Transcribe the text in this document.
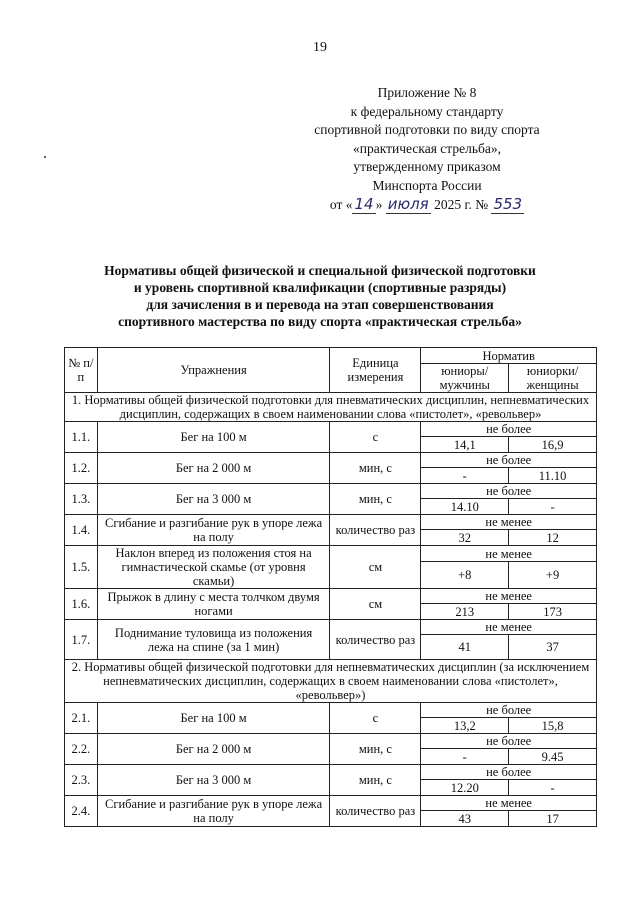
19
Приложение № 8
к федеральному стандарту
спортивной подготовки по виду спорта
«практическая стрельба»,
утвержденному приказом
Минспорта России
от « 14 » июля 2025 г. № 553
Нормативы общей физической и специальной физической подготовки
и уровень спортивной квалификации (спортивные разряды)
для зачисления в и перевода на этап совершенствования
спортивного мастерства по виду спорта «практическая стрельба»
№ п/п	Упражнения	Единица измерения	Норматив	
			юниоры/ мужчины	юниорки/ женщины
1. Нормативы общей физической подготовки для пневматических дисциплин, непневматических дисциплин, содержащих в своем наименовании слова «пистолет», «револьвер»				
1.1.	Бег на 100 м	с	не более	
			14,1	16,9
1.2.	Бег на 2 000 м	мин, с	не более	
			-	11.10
1.3.	Бег на 3 000 м	мин, с	не более	
			14.10	-
1.4.	Сгибание и разгибание рук в упоре лежа на полу	количество раз	не менее	
			32	12
1.5.	Наклон вперед из положения стоя на гимнастической скамье (от уровня скамьи)	см	не менее	
			+8	+9
1.6.	Прыжок в длину с места толчком двумя ногами	см	не менее	
			213	173
1.7.	Поднимание туловища из положения лежа на спине (за 1 мин)	количество раз	не менее	
			41	37
2. Нормативы общей физической подготовки для непневматических дисциплин (за исключением непневматических дисциплин, содержащих в своем наименовании слова «пистолет», «револьвер»)				
2.1.	Бег на 100 м	с	не более	
			13,2	15,8
2.2.	Бег на 2 000 м	мин, с	не более	
			-	9.45
2.3.	Бег на 3 000 м	мин, с	не более	
			12.20	-
2.4.	Сгибание и разгибание рук в упоре лежа на полу	количество раз	не менее	
			43	17
